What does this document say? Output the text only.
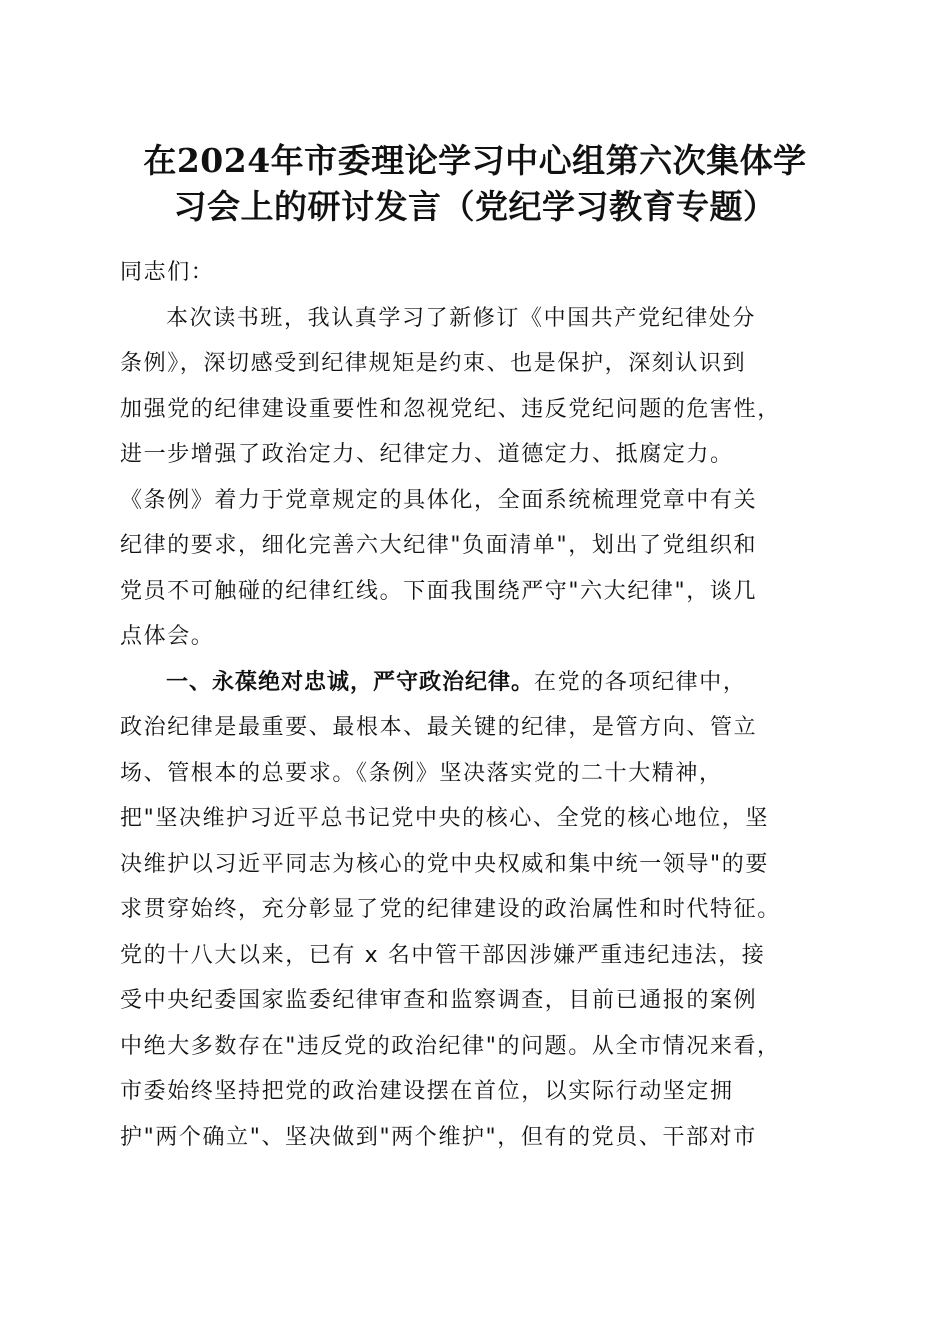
在2024年市委理论学习中心组第六次集体学
习会上的研讨发言（党纪学习教育专题）
同志们：
本次读书班，我认真学习了新修订《中国共产党纪律处分
条例》，深切感受到纪律规矩是约束、也是保护，深刻认识到
加强党的纪律建设重要性和忽视党纪、违反党纪问题的危害性，
进一步增强了政治定力、纪律定力、道德定力、抵腐定力。
《条例》着力于党章规定的具体化，全面系统梳理党章中有关
纪律的要求，细化完善六大纪律"负面清单"，划出了党组织和
党员不可触碰的纪律红线。下面我围绕严守"六大纪律"，谈几
点体会。
一、永葆绝对忠诚，严守政治纪律。在党的各项纪律中，
政治纪律是最重要、最根本、最关键的纪律，是管方向、管立
场、管根本的总要求。《条例》坚决落实党的二十大精神，
把"坚决维护习近平总书记党中央的核心、全党的核心地位，坚
决维护以习近平同志为核心的党中央权威和集中统一领导"的要
求贯穿始终，充分彰显了党的纪律建设的政治属性和时代特征。
党的十八大以来，已有 x 名中管干部因涉嫌严重违纪违法，接
受中央纪委国家监委纪律审查和监察调查，目前已通报的案例
中绝大多数存在"违反党的政治纪律"的问题。从全市情况来看，
市委始终坚持把党的政治建设摆在首位，以实际行动坚定拥
护"两个确立"、坚决做到"两个维护"，但有的党员、干部对市
